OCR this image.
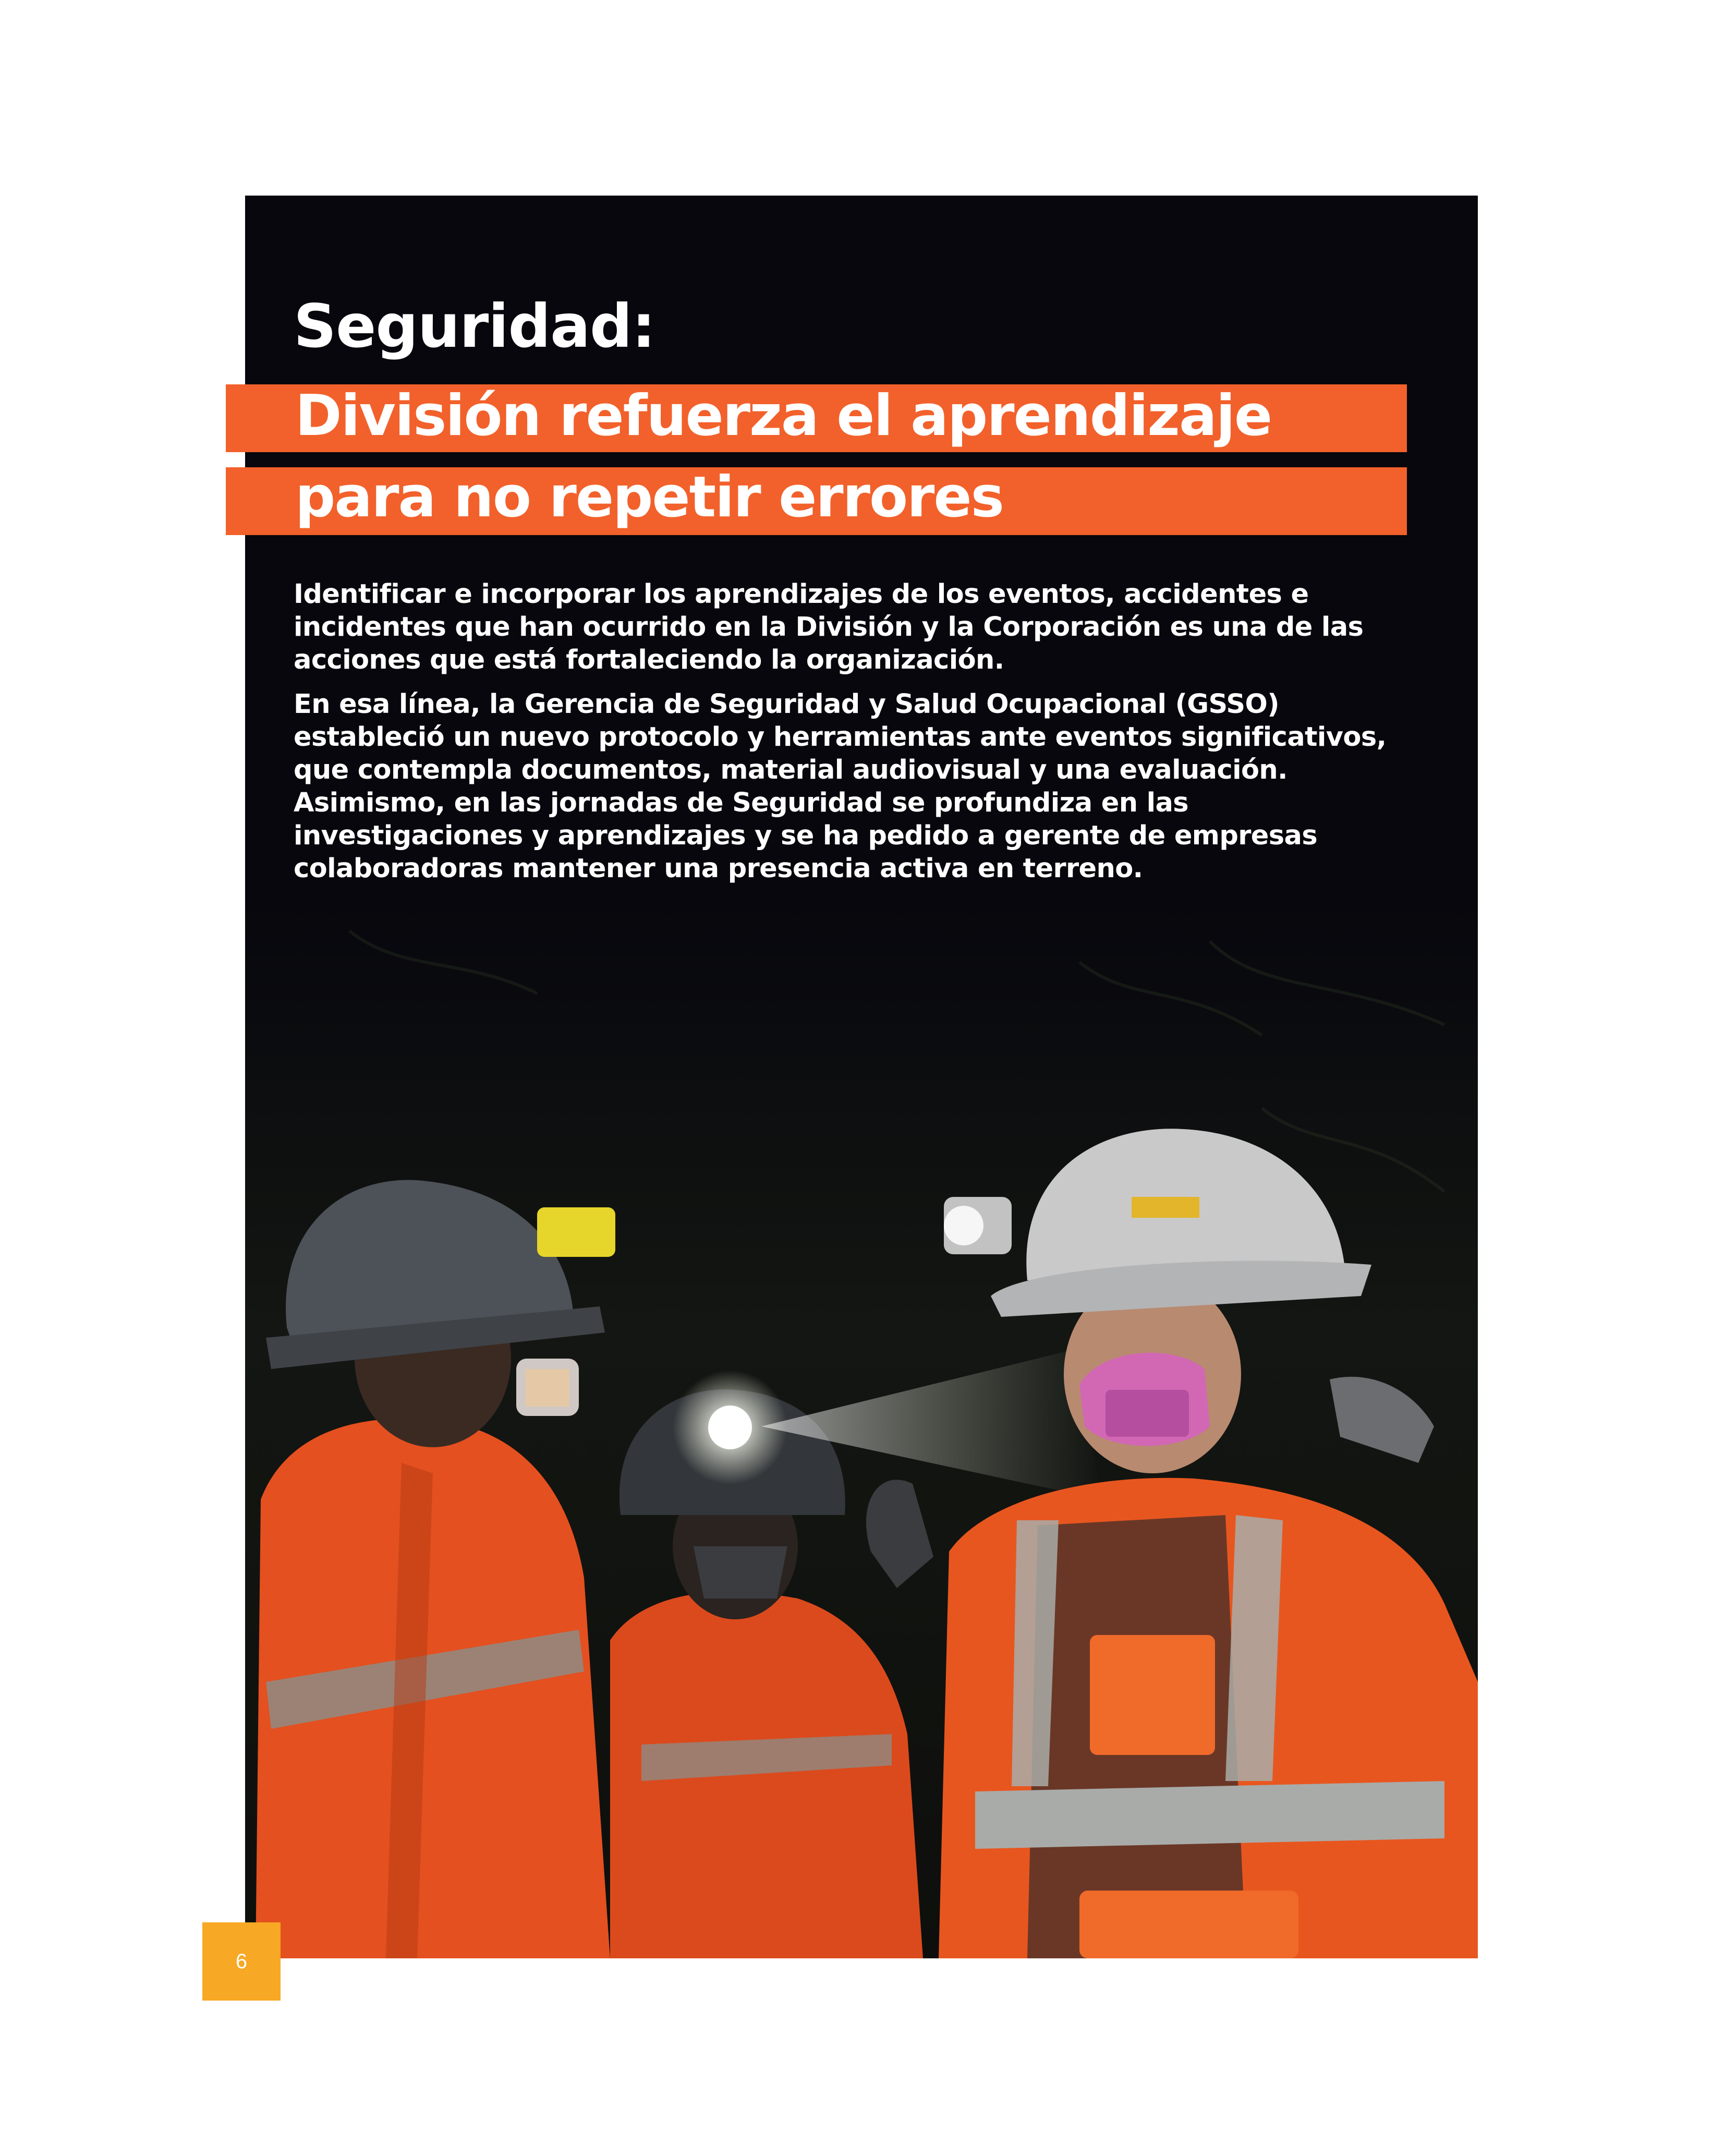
Seguridad:
División refuerza el aprendizaje
para no repetir errores

Identificar e incorporar los aprendizajes de los eventos, accidentes e incidentes que han ocurrido en la División y la Corporación es una de las acciones que está fortaleciendo la organización.

En esa línea, la Gerencia de Seguridad y Salud Ocupacional (GSSO) estableció un nuevo protocolo y herramientas ante eventos significativos, que contempla documentos, material audiovisual y una evaluación. Asimismo, en las jornadas de Seguridad se profundiza en las investigaciones y aprendizajes y se ha pedido a gerente de empresas colaboradoras mantener una presencia activa en terreno.

6
